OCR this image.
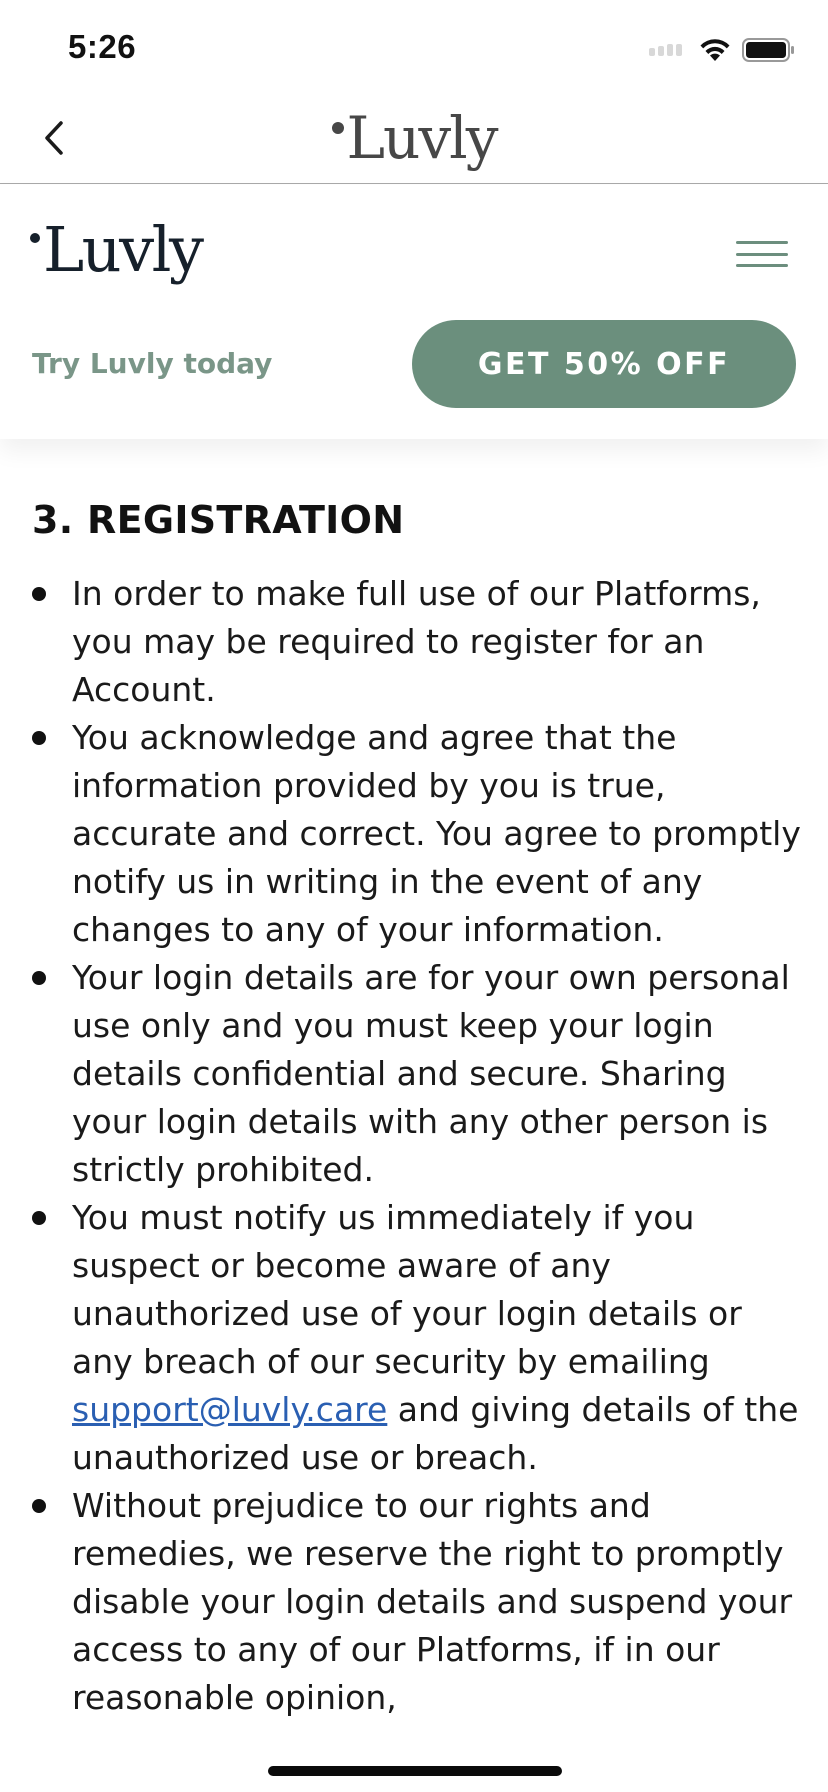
5:26
Luvly
Luvly
Try Luvly today	GET 50% OFF
3. REGISTRATION
In order to make full use of our Platforms, you may be required to register for an Account.
You acknowledge and agree that the information provided by you is true, accurate and correct. You agree to promptly notify us in writing in the event of any changes to any of your information.
Your login details are for your own personal use only and you must keep your login details confidential and secure. Sharing your login details with any other person is strictly prohibited.
You must notify us immediately if you suspect or become aware of any unauthorized use of your login details or any breach of our security by emailing support@luvly.care and giving details of the unauthorized use or breach.
Without prejudice to our rights and remedies, we reserve the right to promptly disable your login details and suspend your access to any of our Platforms, if in our reasonable opinion,
